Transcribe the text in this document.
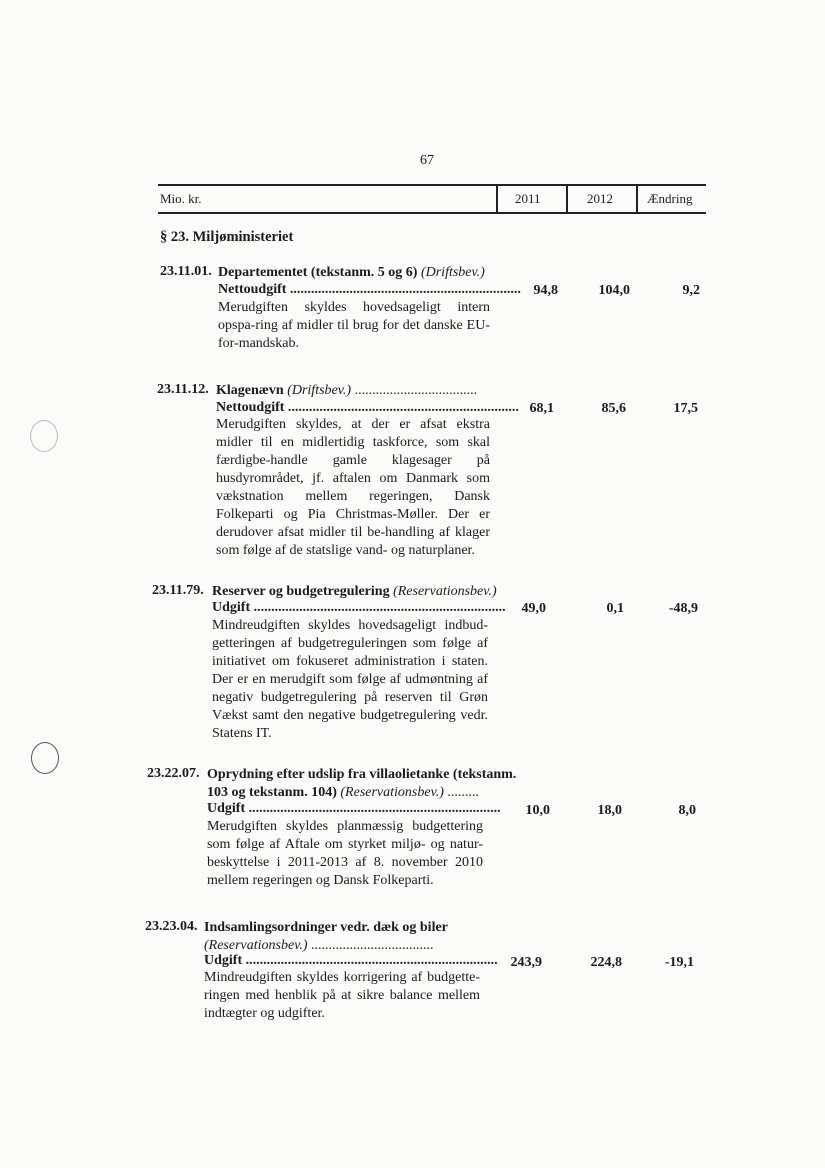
67
Mio. kr.	2011	2012	Ændring
§ 23. Miljøministeriet
23.11.01. Departementet (tekstanm. 5 og 6) (Driftsbev.)
Nettoudgift ..................................................................
Merudgiften skyldes hovedsageligt intern opspa-ring af midler til brug for det danske EU-for-mandskab.
94,8	104,0	9,2
23.11.12. Klagenævn (Driftsbev.) ...................................
Nettoudgift ..................................................................
Merudgiften skyldes, at der er afsat ekstra midler til en midlertidig taskforce, som skal færdigbe-handle gamle klagesager på husdyrområdet, jf. aftalen om Danmark som vækstnation mellem regeringen, Dansk Folkeparti og Pia Christmas-Møller. Der er derudover afsat midler til be-handling af klager som følge af de statslige vand- og naturplaner.
68,1	85,6	17,5
23.11.79. Reserver og budgetregulering (Reservationsbev.)
Udgift ........................................................................
Mindreudgiften skyldes hovedsageligt indbud-getteringen af budgetreguleringen som følge af initiativet om fokuseret administration i staten. Der er en merudgift som følge af udmøntning af negativ budgetregulering på reserven til Grøn Vækst samt den negative budgetregulering vedr. Statens IT.
49,0	0,1	-48,9
23.22.07. Oprydning efter udslip fra villaolietanke (tekstanm. 103 og tekstanm. 104) (Reservationsbev.) .........
Udgift ........................................................................
Merudgiften skyldes planmæssig budgettering som følge af Aftale om styrket miljø- og natur-beskyttelse i 2011-2013 af 8. november 2010 mellem regeringen og Dansk Folkeparti.
10,0	18,0	8,0
23.23.04. Indsamlingsordninger vedr. dæk og biler (Reservationsbev.) ...................................
Udgift ........................................................................
Mindreudgiften skyldes korrigering af budgette-ringen med henblik på at sikre balance mellem indtægter og udgifter.
243,9	224,8	-19,1
